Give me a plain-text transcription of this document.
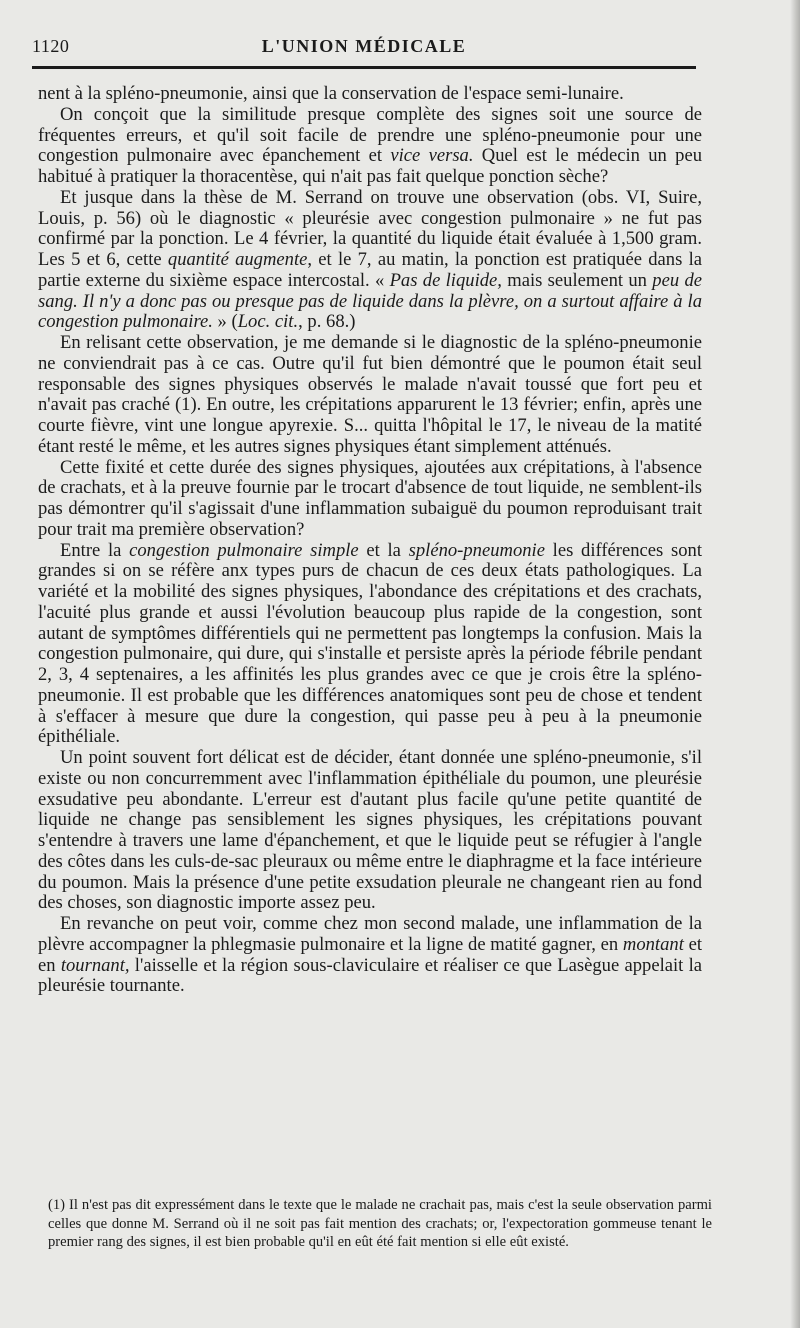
1120	L'UNION MÉDICALE

nent à la spléno-pneumonie, ainsi que la conservation de l'espace semi-lunaire.

On conçoit que la similitude presque complète des signes soit une source de fréquentes erreurs, et qu'il soit facile de prendre une spléno-pneumonie pour une congestion pulmonaire avec épanchement et vice versa. Quel est le médecin un peu habitué à pratiquer la thoracentèse, qui n'ait pas fait quelque ponction sèche?

Et jusque dans la thèse de M. Serrand on trouve une observation (obs. VI, Suire, Louis, p. 56) où le diagnostic « pleurésie avec congestion pulmonaire » ne fut pas confirmé par la ponction. Le 4 février, la quantité du liquide était évaluée à 1,500 gram. Les 5 et 6, cette quantité augmente, et le 7, au matin, la ponction est pratiquée dans la partie externe du sixième espace intercostal. « Pas de liquide, mais seulement un peu de sang. Il n'y a donc pas ou presque pas de liquide dans la plèvre, on a surtout affaire à la congestion pulmonaire. » (Loc. cit., p. 68.)

En relisant cette observation, je me demande si le diagnostic de la spléno-pneumonie ne conviendrait pas à ce cas. Outre qu'il fut bien démontré que le poumon était seul responsable des signes physiques observés le malade n'avait toussé que fort peu et n'avait pas craché (1). En outre, les crépitations apparurent le 13 février; enfin, après une courte fièvre, vint une longue apyrexie. S... quitta l'hôpital le 17, le niveau de la matité étant resté le même, et les autres signes physiques étant simplement atténués.

Cette fixité et cette durée des signes physiques, ajoutées aux crépitations, à l'absence de crachats, et à la preuve fournie par le trocart d'absence de tout liquide, ne semblent-ils pas démontrer qu'il s'agissait d'une inflammation subaiguë du poumon reproduisant trait pour trait ma première observation?

Entre la congestion pulmonaire simple et la spléno-pneumonie les différences sont grandes si on se réfère anx types purs de chacun de ces deux états pathologiques. La variété et la mobilité des signes physiques, l'abondance des crépitations et des crachats, l'acuité plus grande et aussi l'évolution beaucoup plus rapide de la congestion, sont autant de symptômes différentiels qui ne permettent pas longtemps la confusion. Mais la congestion pulmonaire, qui dure, qui s'installe et persiste après la période fébrile pendant 2, 3, 4 septenaires, a les affinités les plus grandes avec ce que je crois être la spléno-pneumonie. Il est probable que les différences anatomiques sont peu de chose et tendent à s'effacer à mesure que dure la congestion, qui passe peu à peu à la pneumonie épithéliale.

Un point souvent fort délicat est de décider, étant donnée une spléno-pneumonie, s'il existe ou non concurremment avec l'inflammation épithéliale du poumon, une pleurésie exsudative peu abondante. L'erreur est d'autant plus facile qu'une petite quantité de liquide ne change pas sensiblement les signes physiques, les crépitations pouvant s'entendre à travers une lame d'épanchement, et que le liquide peut se réfugier à l'angle des côtes dans les culs-de-sac pleuraux ou même entre le diaphragme et la face intérieure du poumon. Mais la présence d'une petite exsudation pleurale ne changeant rien au fond des choses, son diagnostic importe assez peu.

En revanche on peut voir, comme chez mon second malade, une inflammation de la plèvre accompagner la phlegmasie pulmonaire et la ligne de matité gagner, en montant et en tournant, l'aisselle et la région sous-claviculaire et réaliser ce que Lasègue appelait la pleurésie tournante.

(1) Il n'est pas dit expressément dans le texte que le malade ne crachait pas, mais c'est la seule observation parmi celles que donne M. Serrand où il ne soit pas fait mention des crachats; or, l'expectoration gommeuse tenant le premier rang des signes, il est bien probable qu'il en eût été fait mention si elle eût existé.
